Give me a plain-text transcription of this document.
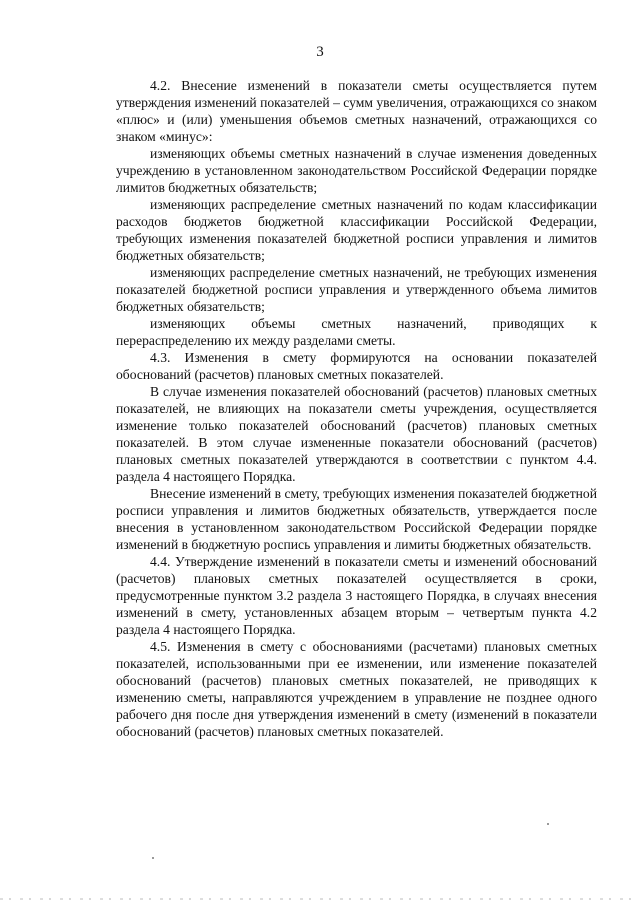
3

4.2. Внесение изменений в показатели сметы осуществляется путем утверждения изменений показателей – сумм увеличения, отражающихся со знаком «плюс» и (или) уменьшения объемов сметных назначений, отражающихся со знаком «минус»:

изменяющих объемы сметных назначений в случае изменения доведенных учреждению в установленном законодательством Российской Федерации порядке лимитов бюджетных обязательств;

изменяющих распределение сметных назначений по кодам классификации расходов бюджетов бюджетной классификации Российской Федерации, требующих изменения показателей бюджетной росписи управления и лимитов бюджетных обязательств;

изменяющих распределение сметных назначений, не требующих изменения показателей бюджетной росписи управления и утвержденного объема лимитов бюджетных обязательств;

изменяющих объемы сметных назначений, приводящих к перераспределению их между разделами сметы.

4.3. Изменения в смету формируются на основании показателей обоснований (расчетов) плановых сметных показателей.

В случае изменения показателей обоснований (расчетов) плановых сметных показателей, не влияющих на показатели сметы учреждения, осуществляется изменение только показателей обоснований (расчетов) плановых сметных показателей. В этом случае измененные показатели обоснований (расчетов) плановых сметных показателей утверждаются в соответствии с пунктом 4.4. раздела 4 настоящего Порядка.

Внесение изменений в смету, требующих изменения показателей бюджетной росписи управления и лимитов бюджетных обязательств, утверждается после внесения в установленном законодательством Российской Федерации порядке изменений в бюджетную роспись управления и лимиты бюджетных обязательств.

4.4. Утверждение изменений в показатели сметы и изменений обоснований (расчетов) плановых сметных показателей осуществляется в сроки, предусмотренные пунктом 3.2 раздела 3 настоящего Порядка, в случаях внесения изменений в смету, установленных абзацем вторым – четвертым пункта 4.2 раздела 4 настоящего Порядка.

4.5. Изменения в смету с обоснованиями (расчетами) плановых сметных показателей, использованными при ее изменении, или изменение показателей обоснований (расчетов) плановых сметных показателей, не приводящих к изменению сметы, направляются учреждением в управление не позднее одного рабочего дня после дня утверждения изменений в смету (изменений в показатели обоснований (расчетов) плановых сметных показателей.
